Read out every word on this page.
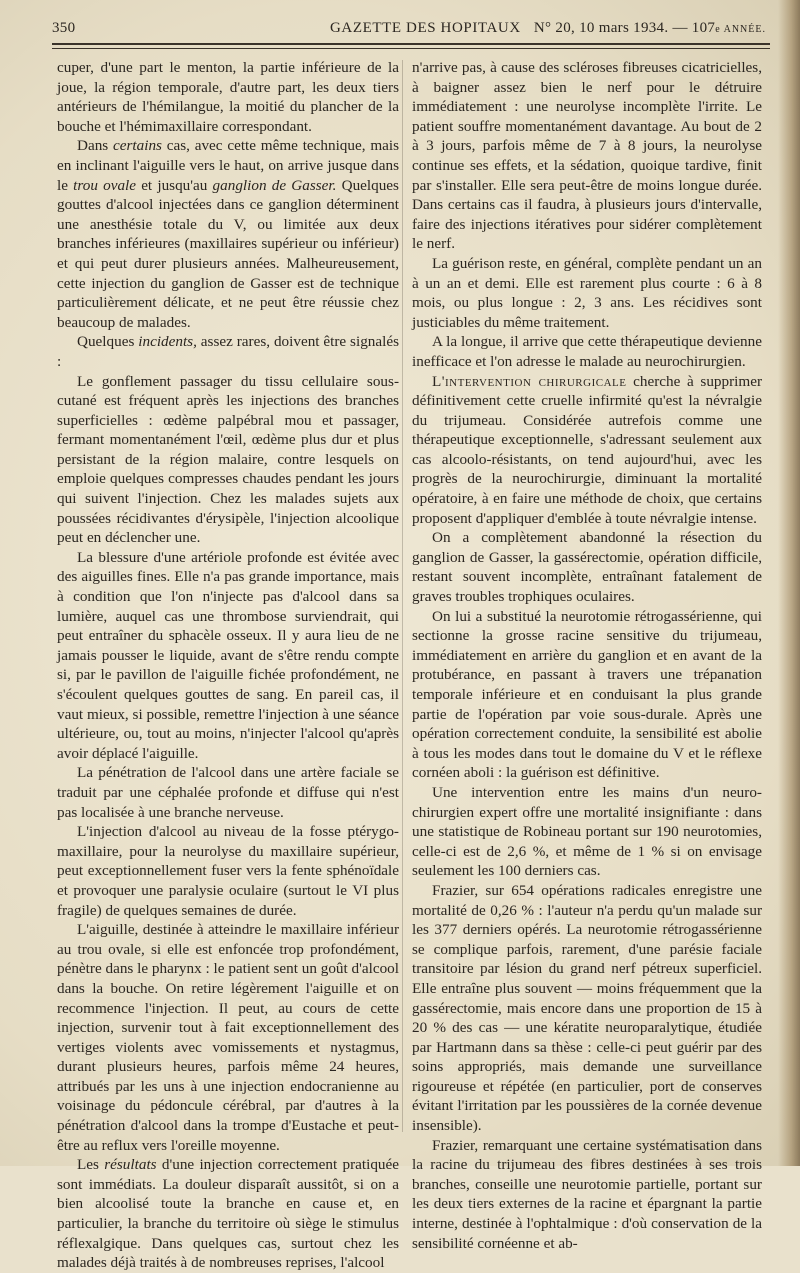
350	GAZETTE DES HOPITAUX N° 20, 10 mars 1934. — 107e ANNÉE.

cuper, d'une part le menton, la partie inférieure de la joue, la région temporale, d'autre part, les deux tiers antérieurs de l'hémilangue, la moitié du plancher de la bouche et l'hémimaxillaire correspondant.

Dans certains cas, avec cette même technique, mais en inclinant l'aiguille vers le haut, on arrive jusque dans le trou ovale et jusqu'au ganglion de Gasser. Quelques gouttes d'alcool injectées dans ce ganglion déterminent une anesthésie totale du V, ou limitée aux deux branches inférieures (maxillaires supérieur ou inférieur) et qui peut durer plusieurs années. Malheureusement, cette injection du ganglion de Gasser est de technique particulièrement délicate, et ne peut être réussie chez beaucoup de malades.

Quelques incidents, assez rares, doivent être signalés :

Le gonflement passager du tissu cellulaire sous-cutané est fréquent après les injections des branches superficielles : œdème palpébral mou et passager, fermant momentanément l'œil, œdème plus dur et plus persistant de la région malaire, contre lesquels on emploie quelques compresses chaudes pendant les jours qui suivent l'injection. Chez les malades sujets aux poussées récidivantes d'érysipèle, l'injection alcoolique peut en déclencher une.

La blessure d'une artériole profonde est évitée avec des aiguilles fines. Elle n'a pas grande importance, mais à condition que l'on n'injecte pas d'alcool dans sa lumière, auquel cas une thrombose surviendrait, qui peut entraîner du sphacèle osseux. Il y aura lieu de ne jamais pousser le liquide, avant de s'être rendu compte si, par le pavillon de l'aiguille fichée profondément, ne s'écoulent quelques gouttes de sang. En pareil cas, il vaut mieux, si possible, remettre l'injection à une séance ultérieure, ou, tout au moins, n'injecter l'alcool qu'après avoir déplacé l'aiguille.

La pénétration de l'alcool dans une artère faciale se traduit par une céphalée profonde et diffuse qui n'est pas localisée à une branche nerveuse.

L'injection d'alcool au niveau de la fosse ptérygo-maxillaire, pour la neurolyse du maxillaire supérieur, peut exceptionnellement fuser vers la fente sphénoïdale et provoquer une paralysie oculaire (surtout le VI plus fragile) de quelques semaines de durée.

L'aiguille, destinée à atteindre le maxillaire inférieur au trou ovale, si elle est enfoncée trop profondément, pénètre dans le pharynx : le patient sent un goût d'alcool dans la bouche. On retire légèrement l'aiguille et on recommence l'injection. Il peut, au cours de cette injection, survenir tout à fait exceptionnellement des vertiges violents avec vomissements et nystagmus, durant plusieurs heures, parfois même 24 heures, attribués par les uns à une injection endocranienne au voisinage du pédoncule cérébral, par d'autres à la pénétration d'alcool dans la trompe d'Eustache et peut-être au reflux vers l'oreille moyenne.

Les résultats d'une injection correctement pratiquée sont immédiats. La douleur disparaît aussitôt, si on a bien alcoolisé toute la branche en cause et, en particulier, la branche du territoire où siège le stimulus réflexalgique. Dans quelques cas, surtout chez les malades déjà traités à de nombreuses reprises, l'alcool

n'arrive pas, à cause des scléroses fibreuses cicatricielles, à baigner assez bien le nerf pour le détruire immédiatement : une neurolyse incomplète l'irrite. Le patient souffre momentanément davantage. Au bout de 2 à 3 jours, parfois même de 7 à 8 jours, la neurolyse continue ses effets, et la sédation, quoique tardive, finit par s'installer. Elle sera peut-être de moins longue durée. Dans certains cas il faudra, à plusieurs jours d'intervalle, faire des injections itératives pour sidérer complètement le nerf.

La guérison reste, en général, complète pendant un an à un an et demi. Elle est rarement plus courte : 6 à 8 mois, ou plus longue : 2, 3 ans. Les récidives sont justiciables du même traitement.

A la longue, il arrive que cette thérapeutique devienne inefficace et l'on adresse le malade au neurochirurgien.

L'intervention chirurgicale cherche à supprimer définitivement cette cruelle infirmité qu'est la névralgie du trijumeau. Considérée autrefois comme une thérapeutique exceptionnelle, s'adressant seulement aux cas alcoolo-résistants, on tend aujourd'hui, avec les progrès de la neurochirurgie, diminuant la mortalité opératoire, à en faire une méthode de choix, que certains proposent d'appliquer d'emblée à toute névralgie intense.

On a complètement abandonné la résection du ganglion de Gasser, la gassérectomie, opération difficile, restant souvent incomplète, entraînant fatalement de graves troubles trophiques oculaires.

On lui a substitué la neurotomie rétrogassérienne, qui sectionne la grosse racine sensitive du trijumeau, immédiatement en arrière du ganglion et en avant de la protubérance, en passant à travers une trépanation temporale inférieure et en conduisant la plus grande partie de l'opération par voie sous-durale. Après une opération correctement conduite, la sensibilité est abolie à tous les modes dans tout le domaine du V et le réflexe cornéen aboli : la guérison est définitive.

Une intervention entre les mains d'un neuro-chirurgien expert offre une mortalité insignifiante : dans une statistique de Robineau portant sur 190 neurotomies, celle-ci est de 2,6 %, et même de 1 % si on envisage seulement les 100 derniers cas.

Frazier, sur 654 opérations radicales enregistre une mortalité de 0,26 % : l'auteur n'a perdu qu'un malade sur les 377 derniers opérés. La neurotomie rétrogassérienne se complique parfois, rarement, d'une parésie faciale transitoire par lésion du grand nerf pétreux superficiel. Elle entraîne plus souvent — moins fréquemment que la gassérectomie, mais encore dans une proportion de 15 à 20 % des cas — une kératite neuroparalytique, étudiée par Hartmann dans sa thèse : celle-ci peut guérir par des soins appropriés, mais demande une surveillance rigoureuse et répétée (en particulier, port de conserves évitant l'irritation par les poussières de la cornée devenue insensible).

Frazier, remarquant une certaine systématisation dans la racine du trijumeau des fibres destinées à ses trois branches, conseille une neurotomie partielle, portant sur les deux tiers externes de la racine et épargnant la partie interne, destinée à l'ophtalmique : d'où conservation de la sensibilité cornéenne et ab-
